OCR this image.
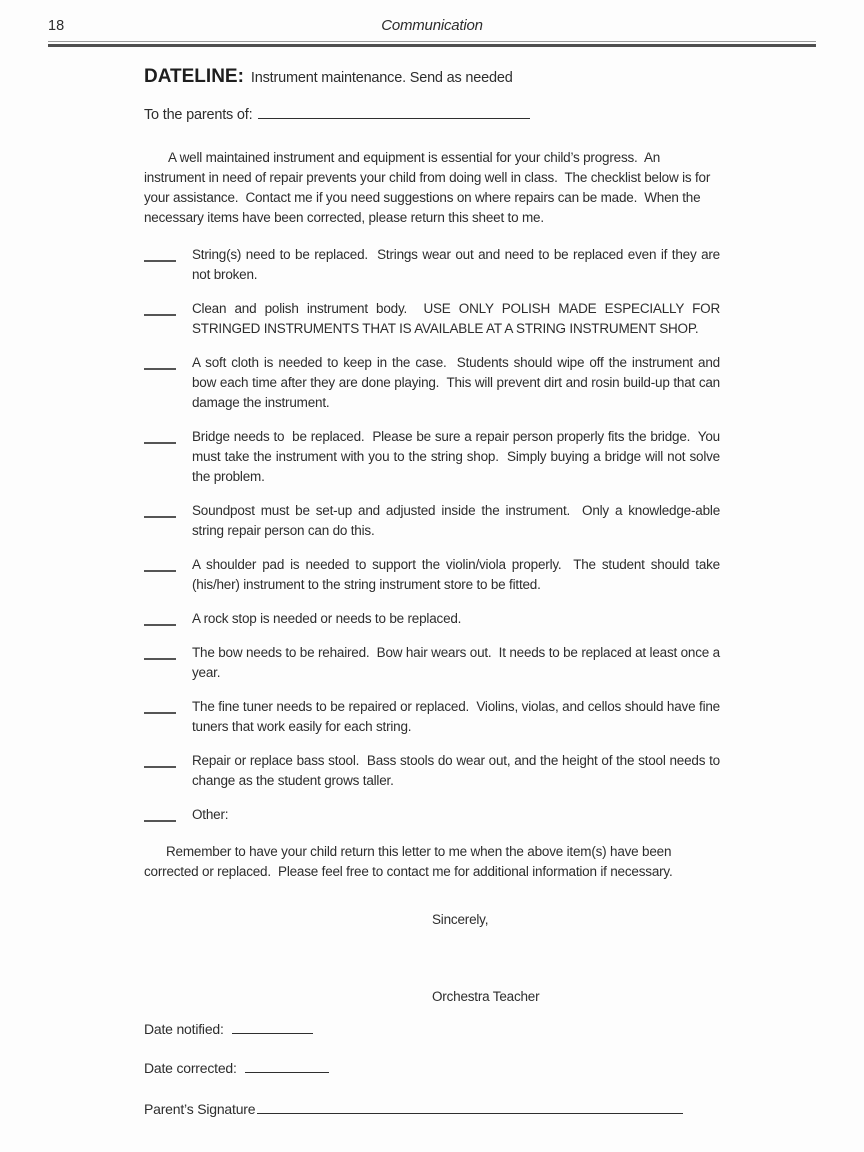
18	Communication

DATELINE: Instrument maintenance. Send as needed

To the parents of:

A well maintained instrument and equipment is essential for your child’s progress.  An instrument in need of repair prevents your child from doing well in class.  The checklist below is for your assistance.  Contact me if you need suggestions on where repairs can be made.  When the necessary items have been corrected, please return this sheet to me.

String(s) need to be replaced.  Strings wear out and need to be replaced even if they are not broken.

Clean and polish instrument body.  USE ONLY POLISH MADE ESPECIALLY FOR STRINGED INSTRUMENTS THAT IS AVAILABLE AT A STRING INSTRUMENT SHOP.

A soft cloth is needed to keep in the case.  Students should wipe off the instrument and bow each time after they are done playing.  This will prevent dirt and rosin build-up that can damage the instrument.

Bridge needs to  be replaced.  Please be sure a repair person properly fits the bridge.  You must take the instrument with you to the string shop.  Simply buying a bridge will not solve the problem.

Soundpost must be set-up and adjusted inside the instrument.  Only a knowledge-able string repair person can do this.

A shoulder pad is needed to support the violin/viola properly.  The student should take (his/her) instrument to the string instrument store to be fitted.

A rock stop is needed or needs to be replaced.

The bow needs to be rehaired.  Bow hair wears out.  It needs to be replaced at least once a year.

The fine tuner needs to be repaired or replaced.  Violins, violas, and cellos should have fine tuners that work easily for each string.

Repair or replace bass stool.  Bass stools do wear out, and the height of the stool needs to change as the student grows taller.

Other:

Remember to have your child return this letter to me when the above item(s) have been corrected or replaced.  Please feel free to contact me for additional information if necessary.

Sincerely,

Orchestra Teacher

Date notified:

Date corrected:

Parent’s Signature
